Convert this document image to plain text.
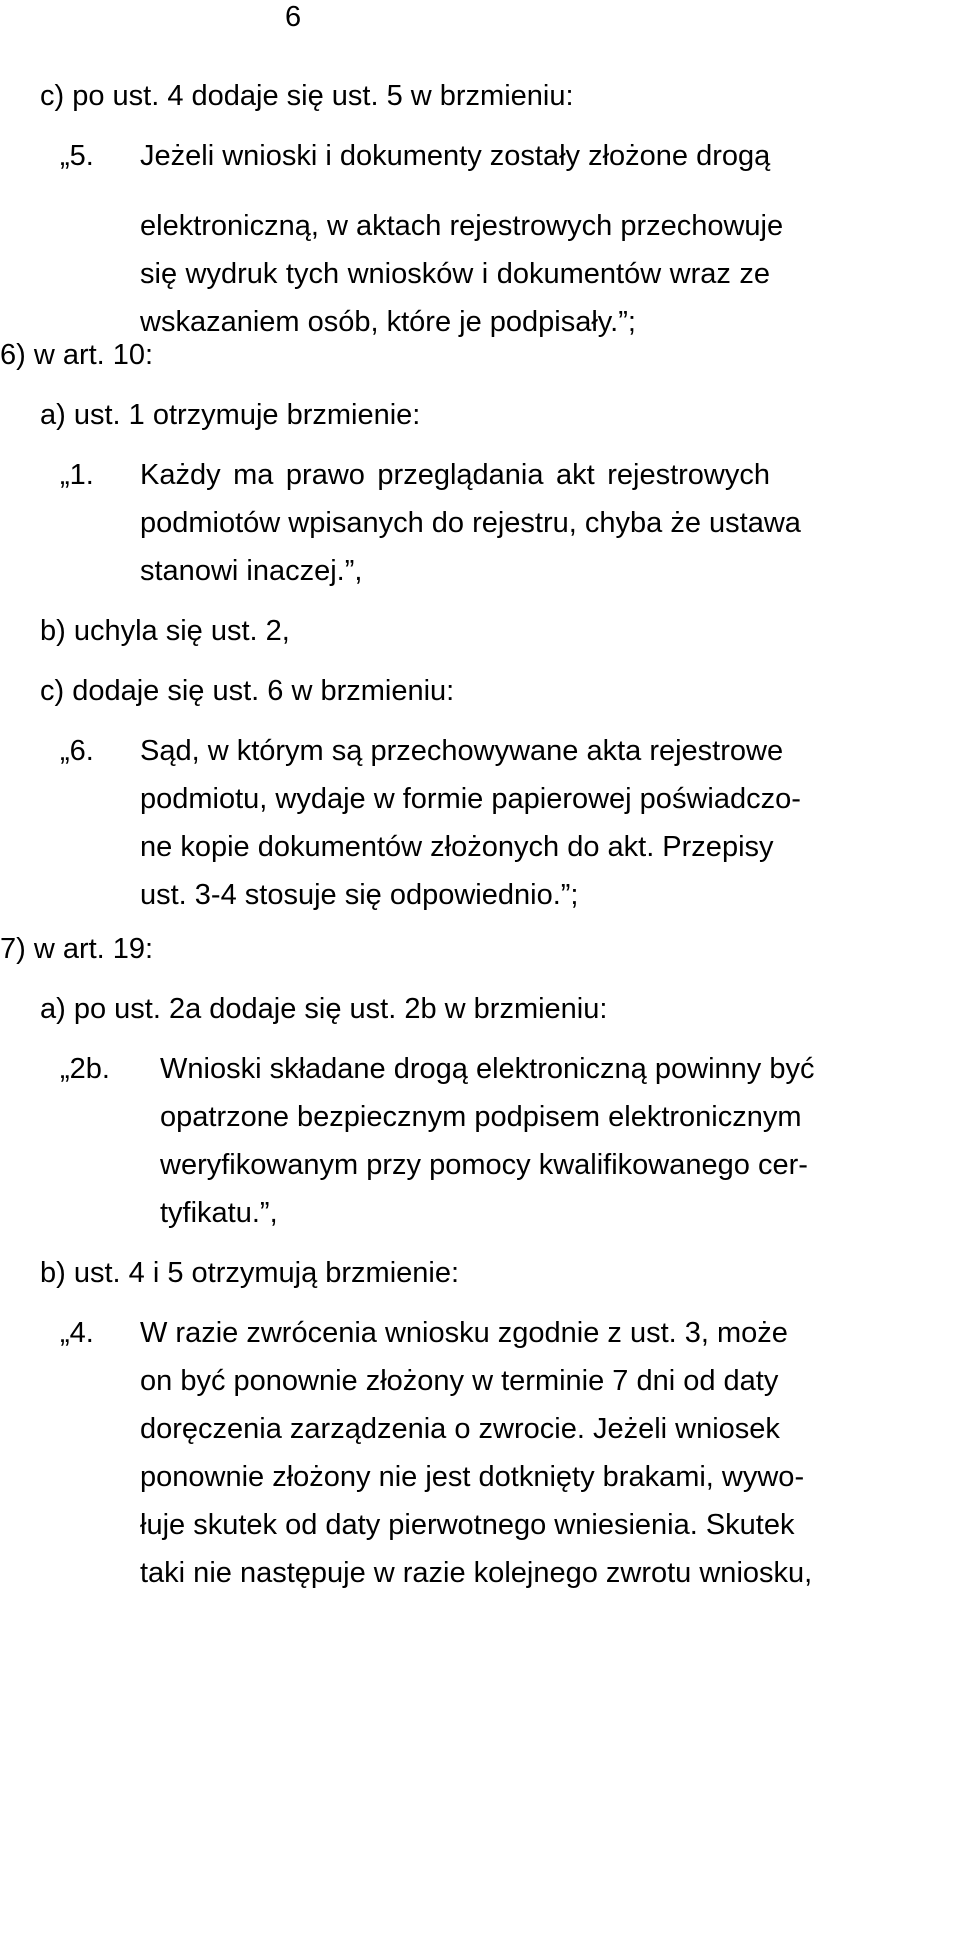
6
c) po ust. 4 dodaje się ust. 5 w brzmieniu:
„5. Jeżeli wnioski i dokumenty zostały złożone drogą
elektroniczną, w aktach rejestrowych przechowuje
się wydruk tych wniosków i dokumentów wraz ze
wskazaniem osób, które je podpisały.”;
6) w art. 10:
a) ust. 1 otrzymuje brzmienie:
„1. Każdy ma prawo przeglądania akt rejestrowych
podmiotów wpisanych do rejestru, chyba że ustawa
stanowi inaczej.”,
b) uchyla się ust. 2,
c) dodaje się ust. 6 w brzmieniu:
„6. Sąd, w którym są przechowywane akta rejestrowe
podmiotu, wydaje w formie papierowej poświadczo-
ne kopie dokumentów złożonych do akt. Przepisy
ust. 3-4 stosuje się odpowiednio.”;
7) w art. 19:
a) po ust. 2a dodaje się ust. 2b w brzmieniu:
„2b. Wnioski składane drogą elektroniczną powinny być
opatrzone bezpiecznym podpisem elektronicznym
weryfikowanym przy pomocy kwalifikowanego cer-
tyfikatu.”,
b) ust. 4 i 5 otrzymują brzmienie:
„4. W razie zwrócenia wniosku zgodnie z ust. 3, może
on być ponownie złożony w terminie 7 dni od daty
doręczenia zarządzenia o zwrocie. Jeżeli wniosek
ponownie złożony nie jest dotknięty brakami, wywo-
łuje skutek od daty pierwotnego wniesienia. Skutek
taki nie następuje w razie kolejnego zwrotu wniosku,
